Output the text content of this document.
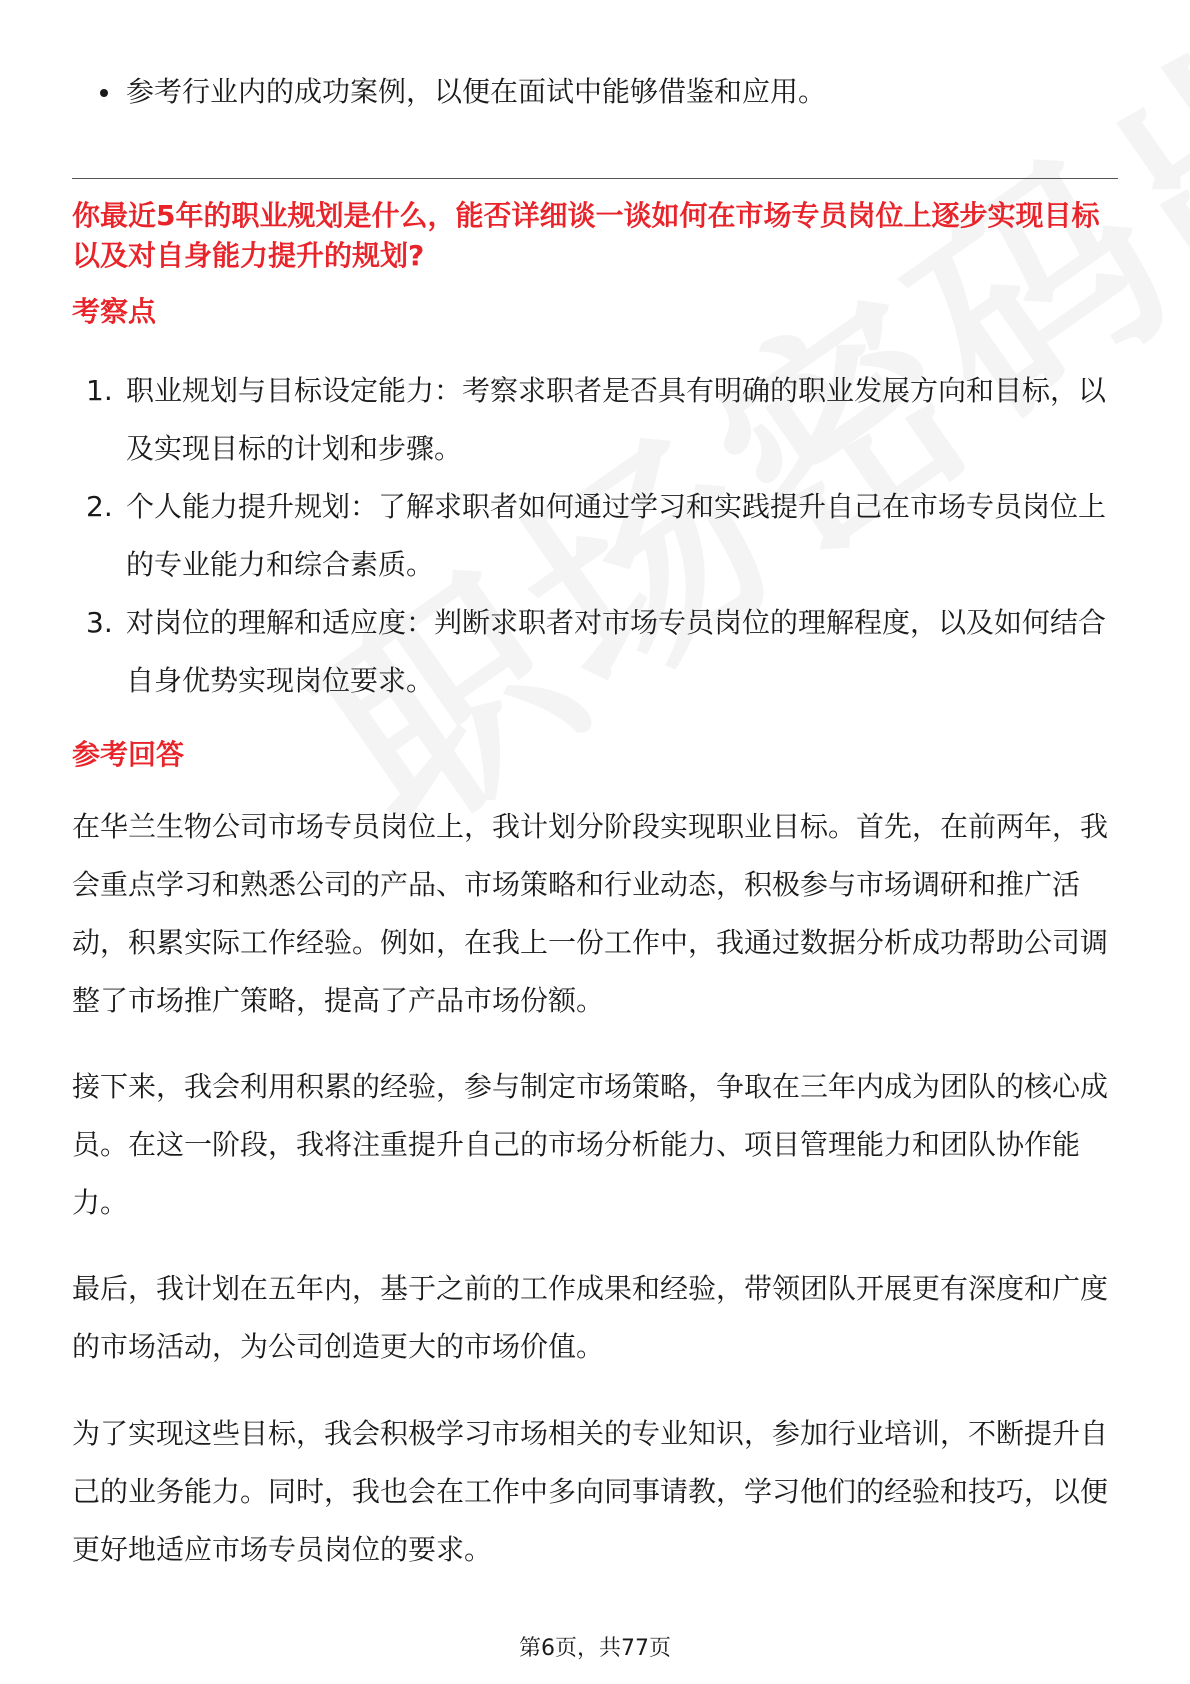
参考行业内的成功案例，以便在面试中能够借鉴和应用。
你最近5年的职业规划是什么，能否详细谈一谈如何在市场专员岗位上逐步实现目标以及对自身能力提升的规划?
考察点
1. 职业规划与目标设定能力：考察求职者是否具有明确的职业发展方向和目标，以及实现目标的计划和步骤。
2. 个人能力提升规划：了解求职者如何通过学习和实践提升自己在市场专员岗位上的专业能力和综合素质。
3. 对岗位的理解和适应度：判断求职者对市场专员岗位的理解程度，以及如何结合自身优势实现岗位要求。
参考回答

在华兰生物公司市场专员岗位上，我计划分阶段实现职业目标。首先，在前两年，我会重点学习和熟悉公司的产品、市场策略和行业动态，积极参与市场调研和推广活动，积累实际工作经验。例如，在我上一份工作中，我通过数据分析成功帮助公司调整了市场推广策略，提高了产品市场份额。

接下来，我会利用积累的经验，参与制定市场策略，争取在三年内成为团队的核心成员。在这一阶段，我将注重提升自己的市场分析能力、项目管理能力和团队协作能力。

最后，我计划在五年内，基于之前的工作成果和经验，带领团队开展更有深度和广度的市场活动，为公司创造更大的市场价值。

为了实现这些目标，我会积极学习市场相关的专业知识，参加行业培训，不断提升自己的业务能力。同时，我也会在工作中多向同事请教，学习他们的经验和技巧，以便更好地适应市场专员岗位的要求。

第6页，共77页
